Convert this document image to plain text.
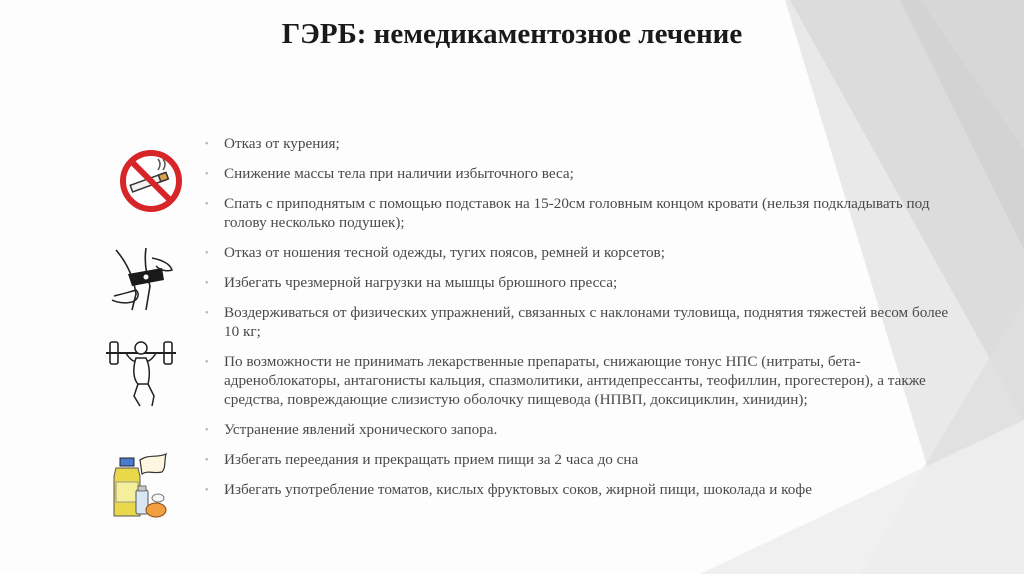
ГЭРБ: немедикаментозное лечение
• Отказ от курения;
• Снижение массы тела при наличии избыточного веса;
• Спать с приподнятым с помощью подставок на 15-20см головным концом кровати (нельзя подкладывать под голову несколько подушек);
• Отказ от ношения тесной одежды, тугих поясов, ремней и корсетов;
• Избегать чрезмерной нагрузки на мышцы брюшного пресса;
• Воздерживаться от физических упражнений, связанных с наклонами туловища, поднятия тяжестей весом более 10 кг;
• По возможности не принимать лекарственные препараты, снижающие тонус НПС (нитраты, бета-адреноблокаторы, антагонисты кальция, спазмолитики, антидепрессанты, теофиллин, прогестерон), а также средства, повреждающие слизистую оболочку пищевода (НПВП, доксициклин, хинидин);
• Устранение явлений хронического запора.
• Избегать переедания и прекращать прием пищи за 2 часа до сна
• Избегать употребление томатов, кислых фруктовых соков, жирной пищи, шоколада и кофе
